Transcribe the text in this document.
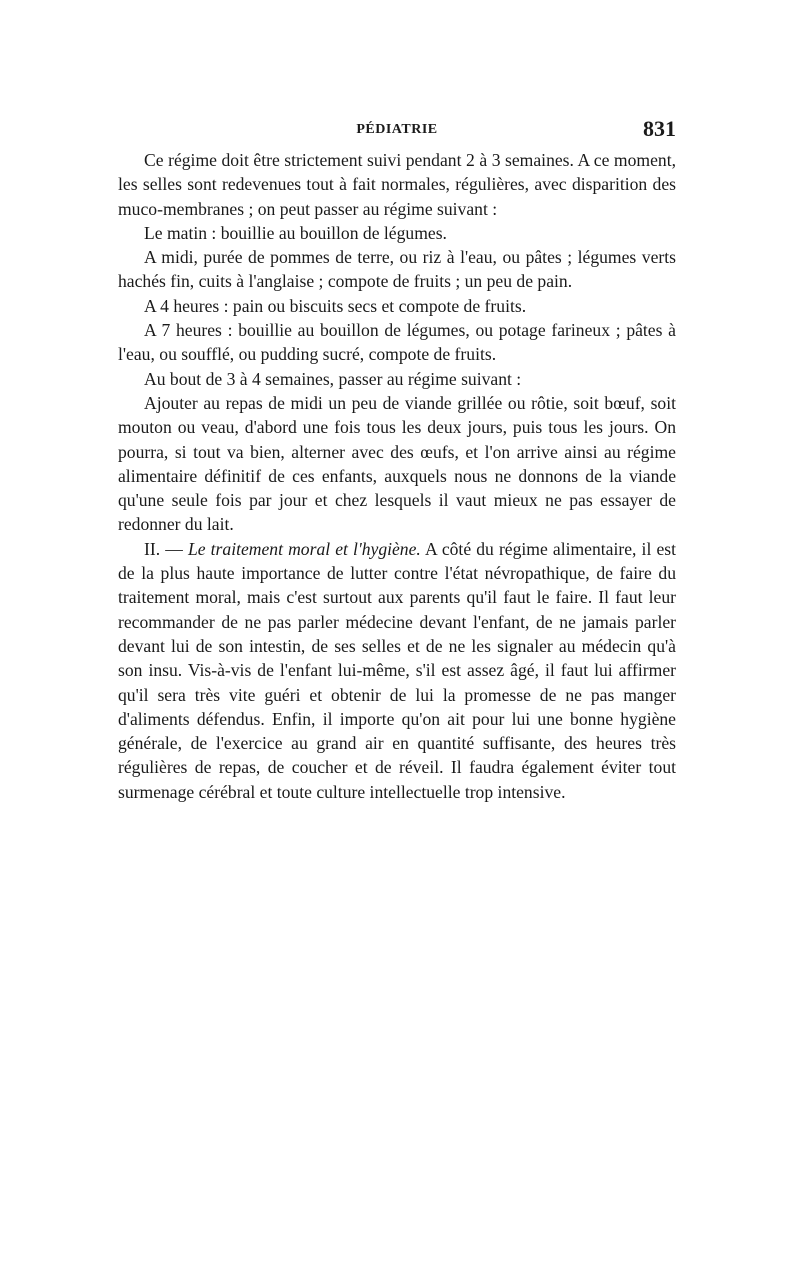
PÉDIATRIE	831

Ce régime doit être strictement suivi pendant 2 à 3 semaines. A ce moment, les selles sont redevenues tout à fait normales, régulières, avec disparition des muco-membranes ; on peut passer au régime suivant :

Le matin : bouillie au bouillon de légumes.

A midi, purée de pommes de terre, ou riz à l'eau, ou pâtes ; légumes verts hachés fin, cuits à l'anglaise ; compote de fruits ; un peu de pain.

A 4 heures : pain ou biscuits secs et compote de fruits.

A 7 heures : bouillie au bouillon de légumes, ou potage farineux ; pâtes à l'eau, ou soufflé, ou pudding sucré, compote de fruits.

Au bout de 3 à 4 semaines, passer au régime suivant :

Ajouter au repas de midi un peu de viande grillée ou rôtie, soit bœuf, soit mouton ou veau, d'abord une fois tous les deux jours, puis tous les jours. On pourra, si tout va bien, alterner avec des œufs, et l'on arrive ainsi au régime alimentaire définitif de ces enfants, auxquels nous ne donnons de la viande qu'une seule fois par jour et chez lesquels il vaut mieux ne pas essayer de redonner du lait.

II. — Le traitement moral et l'hygiène. A côté du régime alimentaire, il est de la plus haute importance de lutter contre l'état névropathique, de faire du traitement moral, mais c'est surtout aux parents qu'il faut le faire. Il faut leur recommander de ne pas parler médecine devant l'enfant, de ne jamais parler devant lui de son intestin, de ses selles et de ne les signaler au médecin qu'à son insu. Vis-à-vis de l'enfant lui-même, s'il est assez âgé, il faut lui affirmer qu'il sera très vite guéri et obtenir de lui la promesse de ne pas manger d'aliments défendus. Enfin, il importe qu'on ait pour lui une bonne hygiène générale, de l'exercice au grand air en quantité suffisante, des heures très régulières de repas, de coucher et de réveil. Il faudra également éviter tout surmenage cérébral et toute culture intellectuelle trop intensive.
